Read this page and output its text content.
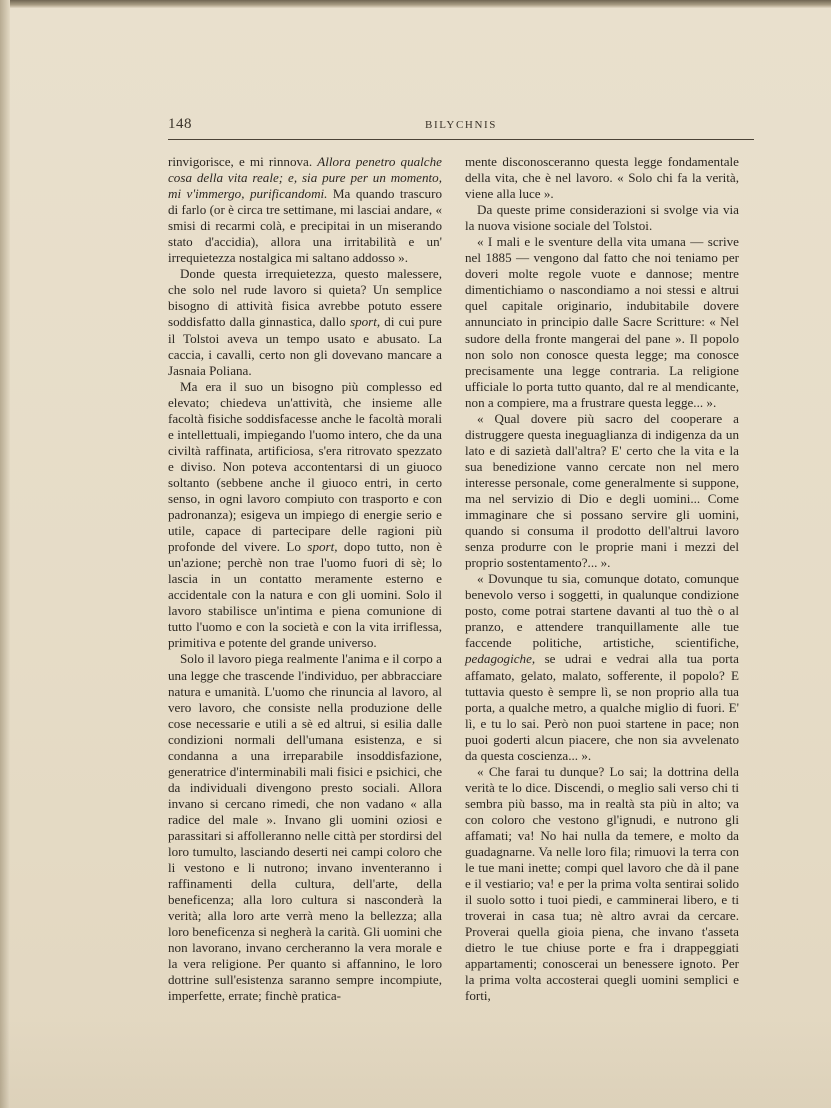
148	BILYCHNIS

rinvigorisce, e mi rinnova. Allora penetro qualche cosa della vita reale; e, sia pure per un momento, mi v'immergo, purificandomi. Ma quando trascuro di farlo (or è circa tre settimane, mi lasciai andare, « smisi di recarmi colà, e precipitai in un miserando stato d'accidia), allora una irritabilità e un' irrequietezza nostalgica mi saltano addosso ».

Donde questa irrequietezza, questo malessere, che solo nel rude lavoro si quieta? Un semplice bisogno di attività fisica avrebbe potuto essere soddisfatto dalla ginnastica, dallo sport, di cui pure il Tolstoi aveva un tempo usato e abusato. La caccia, i cavalli, certo non gli dovevano mancare a Jasnaia Poliana.

Ma era il suo un bisogno più complesso ed elevato; chiedeva un'attività, che insieme alle facoltà fisiche soddisfacesse anche le facoltà morali e intellettuali, impiegando l'uomo intero, che da una civiltà raffinata, artificiosa, s'era ritrovato spezzato e diviso. Non poteva accontentarsi di un giuoco soltanto (sebbene anche il giuoco entri, in certo senso, in ogni lavoro compiuto con trasporto e con padronanza); esigeva un impiego di energie serio e utile, capace di partecipare delle ragioni più profonde del vivere. Lo sport, dopo tutto, non è un'azione; perchè non trae l'uomo fuori di sè; lo lascia in un contatto meramente esterno e accidentale con la natura e con gli uomini. Solo il lavoro stabilisce un'intima e piena comunione di tutto l'uomo e con la società e con la vita irriflessa, primitiva e potente del grande universo.

Solo il lavoro piega realmente l'anima e il corpo a una legge che trascende l'individuo, per abbracciare natura e umanità. L'uomo che rinuncia al lavoro, al vero lavoro, che consiste nella produzione delle cose necessarie e utili a sè ed altrui, si esilia dalle condizioni normali dell'umana esistenza, e si condanna a una irreparabile insoddisfazione, generatrice d'interminabili mali fisici e psichici, che da individuali divengono presto sociali. Allora invano si cercano rimedi, che non vadano « alla radice del male ». Invano gli uomini oziosi e parassitari si affolleranno nelle città per stordirsi del loro tumulto, lasciando deserti nei campi coloro che li vestono e li nutrono; invano inventeranno i raffinamenti della cultura, dell'arte, della beneficenza; alla loro cultura si nasconderà la verità; alla loro arte verrà meno la bellezza; alla loro beneficenza si negherà la carità. Gli uomini che non lavorano, invano cercheranno la vera morale e la vera religione. Per quanto si affannino, le loro dottrine sull'esistenza saranno sempre incompiute, imperfette, errate; finchè pratica-

mente disconosceranno questa legge fondamentale della vita, che è nel lavoro. « Solo chi fa la verità, viene alla luce ».

Da queste prime considerazioni si svolge via via la nuova visione sociale del Tolstoi.

« I mali e le sventure della vita umana — scrive nel 1885 — vengono dal fatto che noi teniamo per doveri molte regole vuote e dannose; mentre dimentichiamo o nascondiamo a noi stessi e altrui quel capitale originario, indubitabile dovere annunciato in principio dalle Sacre Scritture: « Nel sudore della fronte mangerai del pane ». Il popolo non solo non conosce questa legge; ma conosce precisamente una legge contraria. La religione ufficiale lo porta tutto quanto, dal re al mendicante, non a compiere, ma a frustrare questa legge... ».

« Qual dovere più sacro del cooperare a distruggere questa ineguaglianza di indigenza da un lato e di sazietà dall'altra? E' certo che la vita e la sua benedizione vanno cercate non nel mero interesse personale, come generalmente si suppone, ma nel servizio di Dio e degli uomini... Come immaginare che si possano servire gli uomini, quando si consuma il prodotto dell'altrui lavoro senza produrre con le proprie mani i mezzi del proprio sostentamento?... ».

« Dovunque tu sia, comunque dotato, comunque benevolo verso i soggetti, in qualunque condizione posto, come potrai startene davanti al tuo thè o al pranzo, e attendere tranquillamente alle tue faccende politiche, artistiche, scientifiche, pedagogiche, se udrai e vedrai alla tua porta affamato, gelato, malato, sofferente, il popolo? E tuttavia questo è sempre lì, se non proprio alla tua porta, a qualche metro, a qualche miglio di fuori. E' lì, e tu lo sai. Però non puoi startene in pace; non puoi goderti alcun piacere, che non sia avvelenato da questa coscienza... ».

« Che farai tu dunque? Lo sai; la dottrina della verità te lo dice. Discendi, o meglio sali verso chi ti sembra più basso, ma in realtà sta più in alto; va con coloro che vestono gl'ignudi, e nutrono gli affamati; va! No hai nulla da temere, e molto da guadagnarne. Va nelle loro fila; rimuovi la terra con le tue mani inette; compi quel lavoro che dà il pane e il vestiario; va! e per la prima volta sentirai solido il suolo sotto i tuoi piedi, e camminerai libero, e ti troverai in casa tua; nè altro avrai da cercare. Proverai quella gioia piena, che invano t'asseta dietro le tue chiuse porte e fra i drappeggiati appartamenti; conoscerai un benessere ignoto. Per la prima volta accosterai quegli uomini semplici e forti,
